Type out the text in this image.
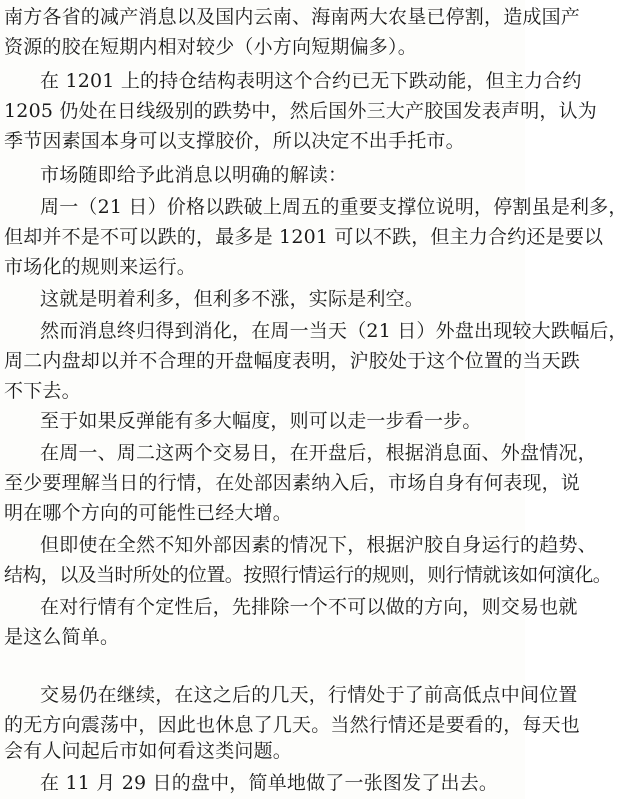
南方各省的减产消息以及国内云南、海南两大农垦已停割，造成国产

资源的胶在短期内相对较少（小方向短期偏多）。

在 1201 上的持仓结构表明这个合约已无下跌动能，但主力合约

1205 仍处在日线级别的跌势中，然后国外三大产胶国发表声明，认为

季节因素国本身可以支撑胶价，所以决定不出手托市。

市场随即给予此消息以明确的解读：

周一（21 日）价格以跌破上周五的重要支撑位说明，停割虽是利多，

但却并不是不可以跌的，最多是 1201 可以不跌，但主力合约还是要以

市场化的规则来运行。

这就是明着利多，但利多不涨，实际是利空。

然而消息终归得到消化，在周一当天（21 日）外盘出现较大跌幅后，

周二内盘却以并不合理的开盘幅度表明，沪胶处于这个位置的当天跌

不下去。

至于如果反弹能有多大幅度，则可以走一步看一步。

在周一、周二这两个交易日，在开盘后，根据消息面、外盘情况，

至少要理解当日的行情，在处部因素纳入后，市场自身有何表现，说

明在哪个方向的可能性已经大增。

但即使在全然不知外部因素的情况下，根据沪胶自身运行的趋势、

结构，以及当时所处的位置。按照行情运行的规则，则行情就该如何演化。

在对行情有个定性后，先排除一个不可以做的方向，则交易也就

是这么简单。

交易仍在继续，在这之后的几天，行情处于了前高低点中间位置

的无方向震荡中，因此也休息了几天。当然行情还是要看的，每天也

会有人问起后市如何看这类问题。

在 11 月 29 日的盘中，简单地做了一张图发了出去。
